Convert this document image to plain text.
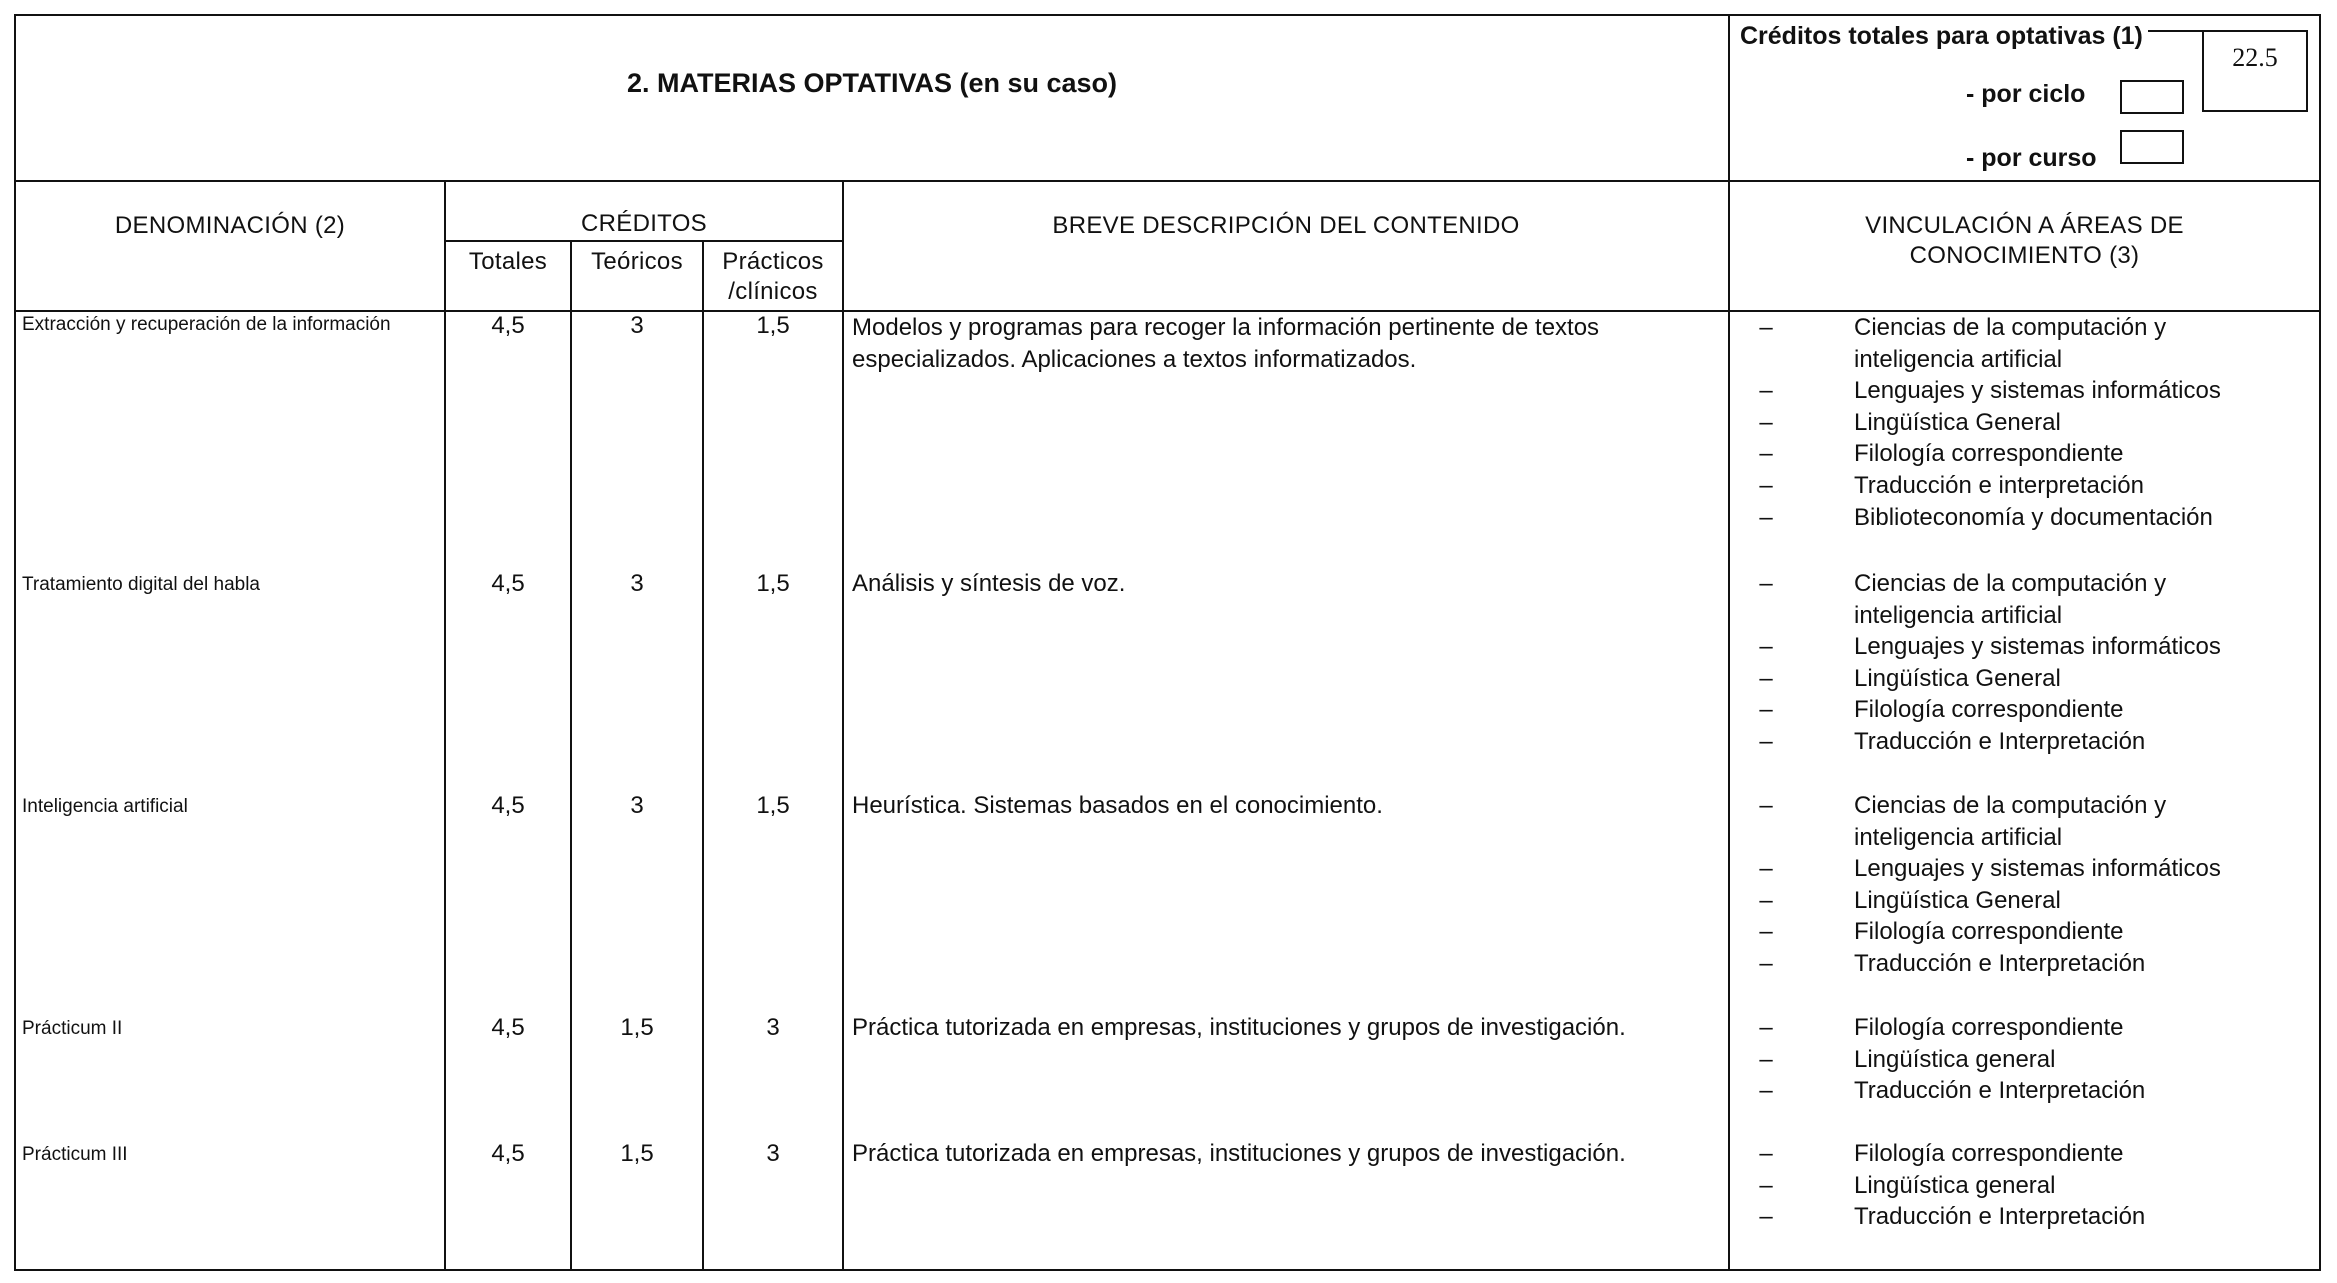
2. MATERIAS OPTATIVAS (en su caso)
Créditos totales para optativas (1)
22.5
- por ciclo
- por curso
DENOMINACIÓN (2)	CRÉDITOS
Totales	Teóricos	Prácticos
/clínicos
BREVE DESCRIPCIÓN DEL CONTENIDO	VINCULACIÓN A ÁREAS DE
CONOCIMIENTO (3)
Extracción y recuperación de la información	4,5	3	1,5	Modelos y programas para recoger la información pertinente de textos especializados. Aplicaciones a textos informatizados.
–	Ciencias de la computación y
inteligencia artificial
–	Lenguajes y sistemas informáticos
–	Lingüística General
–	Filología correspondiente
–	Traducción e interpretación
–	Biblioteconomía y documentación
Tratamiento digital del habla	4,5	3	1,5	Análisis y síntesis de voz.	–	Ciencias de la computación y
inteligencia artificial
–	Lenguajes y sistemas informáticos
–	Lingüística General
–	Filología correspondiente
–	Traducción e Interpretación
Inteligencia artificial	4,5	3	1,5	Heurística. Sistemas basados en el conocimiento.	–	Ciencias de la computación y
inteligencia artificial
–	Lenguajes y sistemas informáticos
–	Lingüística General
–	Filología correspondiente
–	Traducción e Interpretación
Prácticum II	4,5	1,5	3	Práctica tutorizada en empresas, instituciones y grupos de investigación.	–	Filología correspondiente
–	Lingüística general
–	Traducción e Interpretación
Prácticum III	4,5	1,5	3	Práctica tutorizada en empresas, instituciones y grupos de investigación.	–	Filología correspondiente
–	Lingüística general
–	Traducción e Interpretación
